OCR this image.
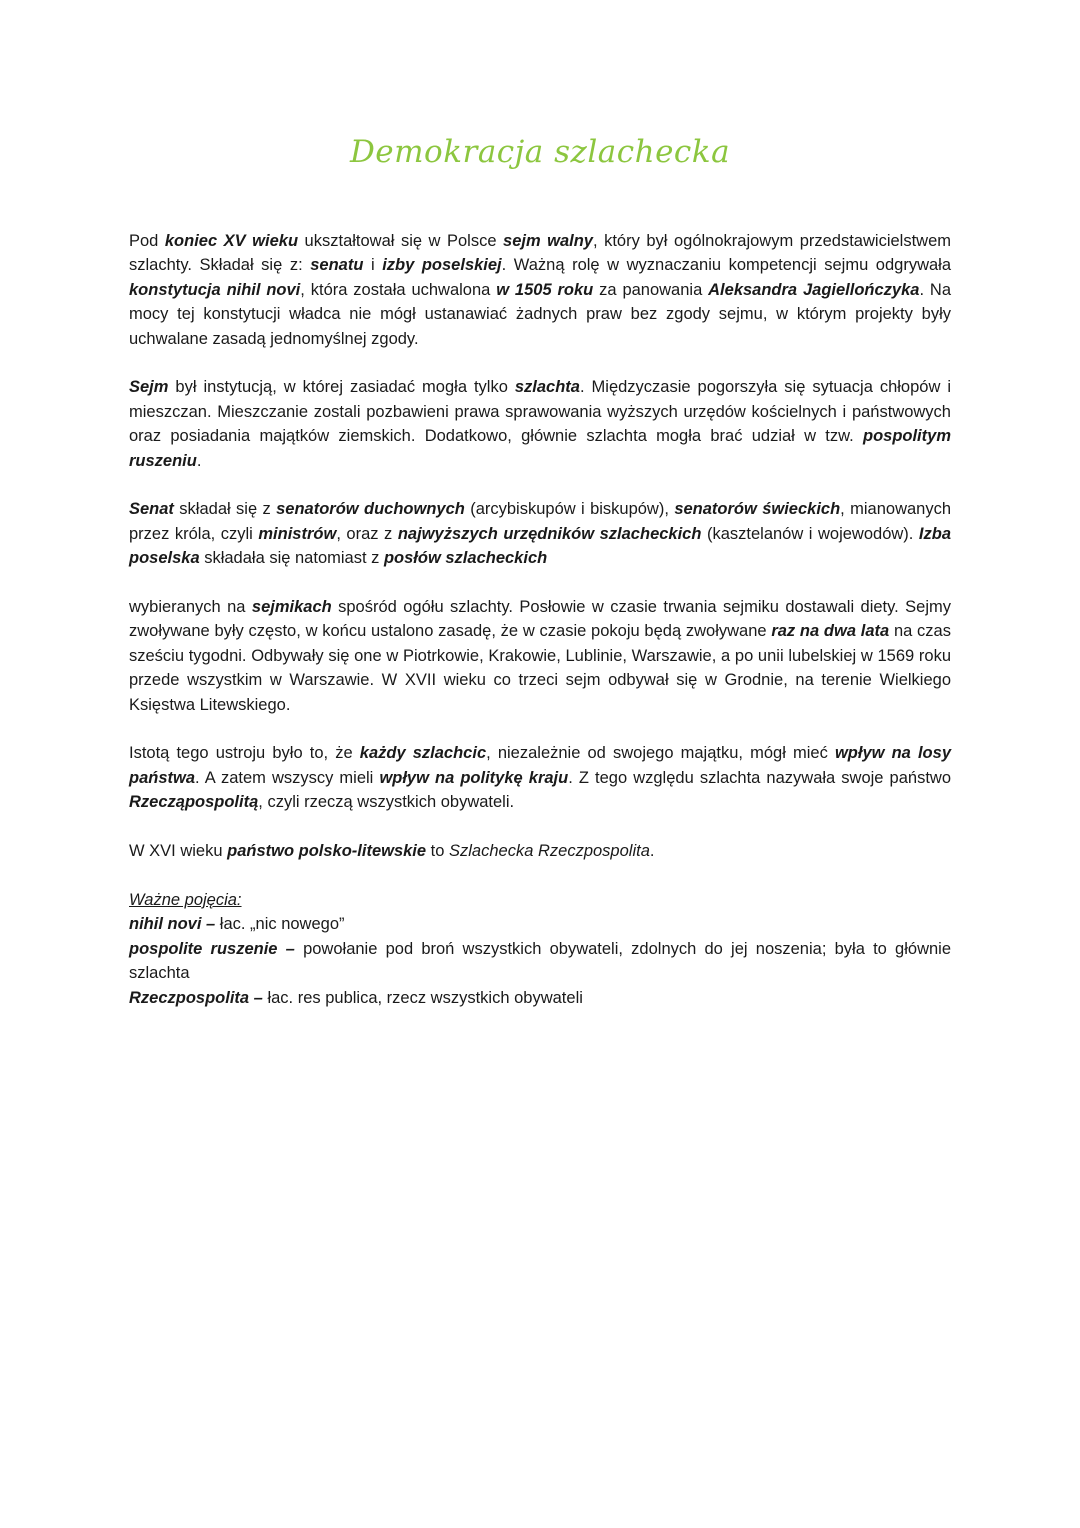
Demokracja szlachecka

Pod koniec XV wieku ukształtował się w Polsce sejm walny, który był ogólnokrajowym przedstawicielstwem szlachty. Składał się z: senatu i izby poselskiej. Ważną rolę w wyznaczaniu kompetencji sejmu odgrywała konstytucja nihil novi, która została uchwalona w 1505 roku za panowania Aleksandra Jagiellończyka. Na mocy tej konstytucji władca nie mógł ustanawiać żadnych praw bez zgody sejmu, w którym projekty były uchwalane zasadą jednomyślnej zgody.

Sejm był instytucją, w której zasiadać mogła tylko szlachta. Międzyczasie pogorszyła się sytuacja chłopów i mieszczan. Mieszczanie zostali pozbawieni prawa sprawowania wyższych urzędów kościelnych i państwowych oraz posiadania majątków ziemskich. Dodatkowo, głównie szlachta mogła brać udział w tzw. pospolitym ruszeniu.

Senat składał się z senatorów duchownych (arcybiskupów i biskupów), senatorów świeckich, mianowanych przez króla, czyli ministrów, oraz z najwyższych urzędników szlacheckich (kasztelanów i wojewodów). Izba poselska składała się natomiast z posłów szlacheckich

wybieranych na sejmikach spośród ogółu szlachty. Posłowie w czasie trwania sejmiku dostawali diety. Sejmy zwoływane były często, w końcu ustalono zasadę, że w czasie pokoju będą zwoływane raz na dwa lata na czas sześciu tygodni. Odbywały się one w Piotrkowie, Krakowie, Lublinie, Warszawie, a po unii lubelskiej w 1569 roku przede wszystkim w Warszawie. W XVII wieku co trzeci sejm odbywał się w Grodnie, na terenie Wielkiego Księstwa Litewskiego.

Istotą tego ustroju było to, że każdy szlachcic, niezależnie od swojego majątku, mógł mieć wpływ na losy państwa. A zatem wszyscy mieli wpływ na politykę kraju. Z tego względu szlachta nazywała swoje państwo Rzecząpospolitą, czyli rzeczą wszystkich obywateli.

W XVI wieku państwo polsko-litewskie to Szlachecka Rzeczpospolita.

Ważne pojęcia:

nihil novi – łac. „nic nowego”

pospolite ruszenie – powołanie pod broń wszystkich obywateli, zdolnych do jej noszenia; była to głównie szlachta

Rzeczpospolita – łac. res publica, rzecz wszystkich obywateli
